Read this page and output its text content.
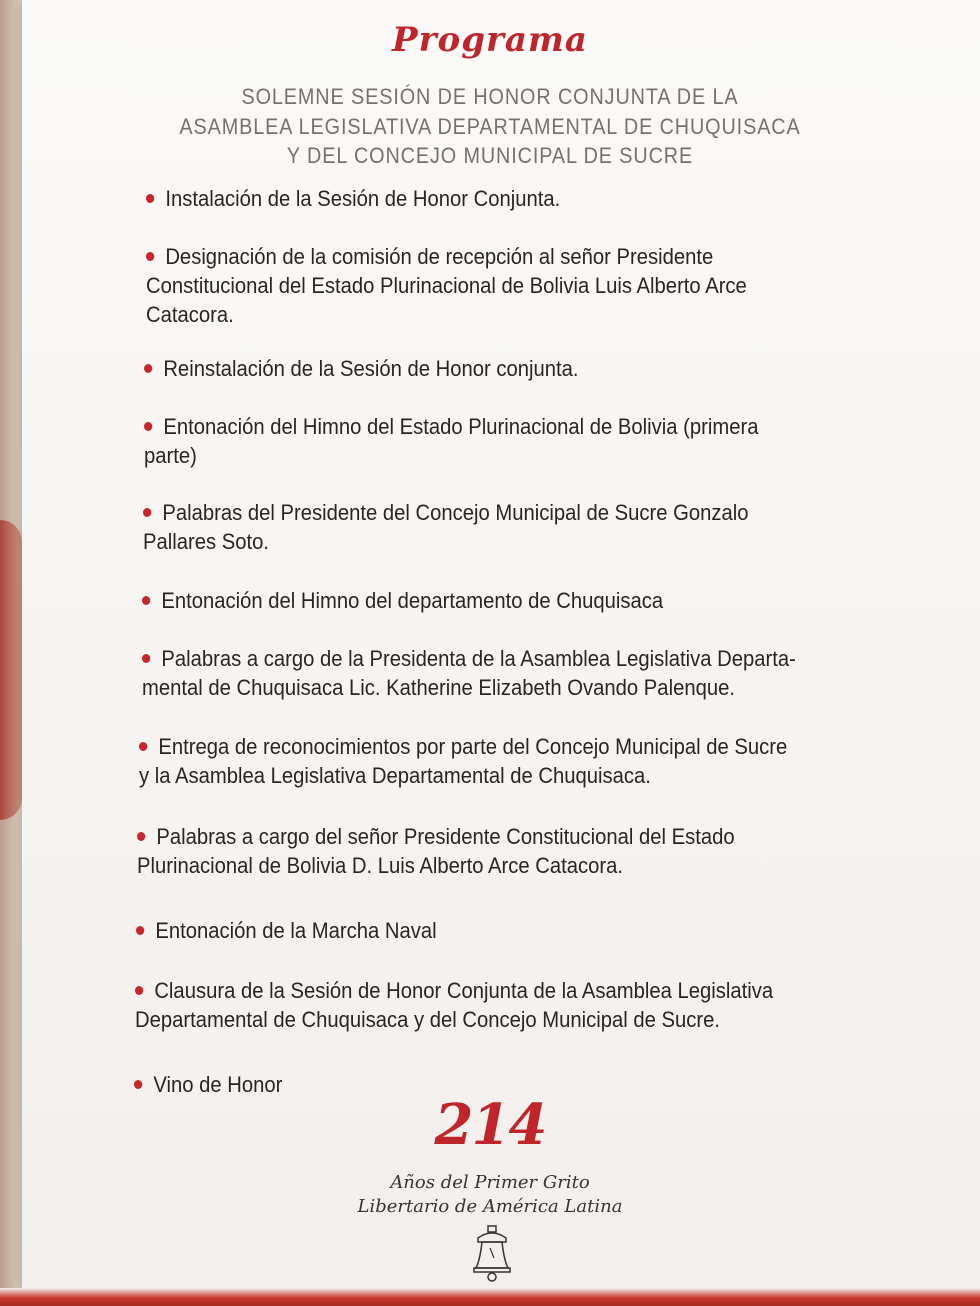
Programa
SOLEMNE SESIÓN DE HONOR CONJUNTA DE LA
ASAMBLEA LEGISLATIVA DEPARTAMENTAL DE CHUQUISACA
Y DEL CONCEJO MUNICIPAL DE SUCRE
Instalación de la Sesión de Honor Conjunta.
Designación de la comisión de recepción al señor Presidente
Constitucional del Estado Plurinacional de Bolivia Luis Alberto Arce
Catacora.
Reinstalación de la Sesión de Honor conjunta.
Entonación del Himno del Estado Plurinacional de Bolivia (primera
parte)
Palabras del Presidente del Concejo Municipal de Sucre Gonzalo
Pallares Soto.
Entonación del Himno del departamento de Chuquisaca
Palabras a cargo de la Presidenta de la Asamblea Legislativa Departa-
mental de Chuquisaca Lic. Katherine Elizabeth Ovando Palenque.
Entrega de reconocimientos por parte del Concejo Municipal de Sucre
y la Asamblea Legislativa Departamental de Chuquisaca.
Palabras a cargo del señor Presidente Constitucional del Estado
Plurinacional de Bolivia D. Luis Alberto Arce Catacora.
Entonación de la Marcha Naval
Clausura de la Sesión de Honor Conjunta de la Asamblea Legislativa
Departamental de Chuquisaca y del Concejo Municipal de Sucre.
Vino de Honor
214
Años del Primer Grito
Libertario de América Latina
